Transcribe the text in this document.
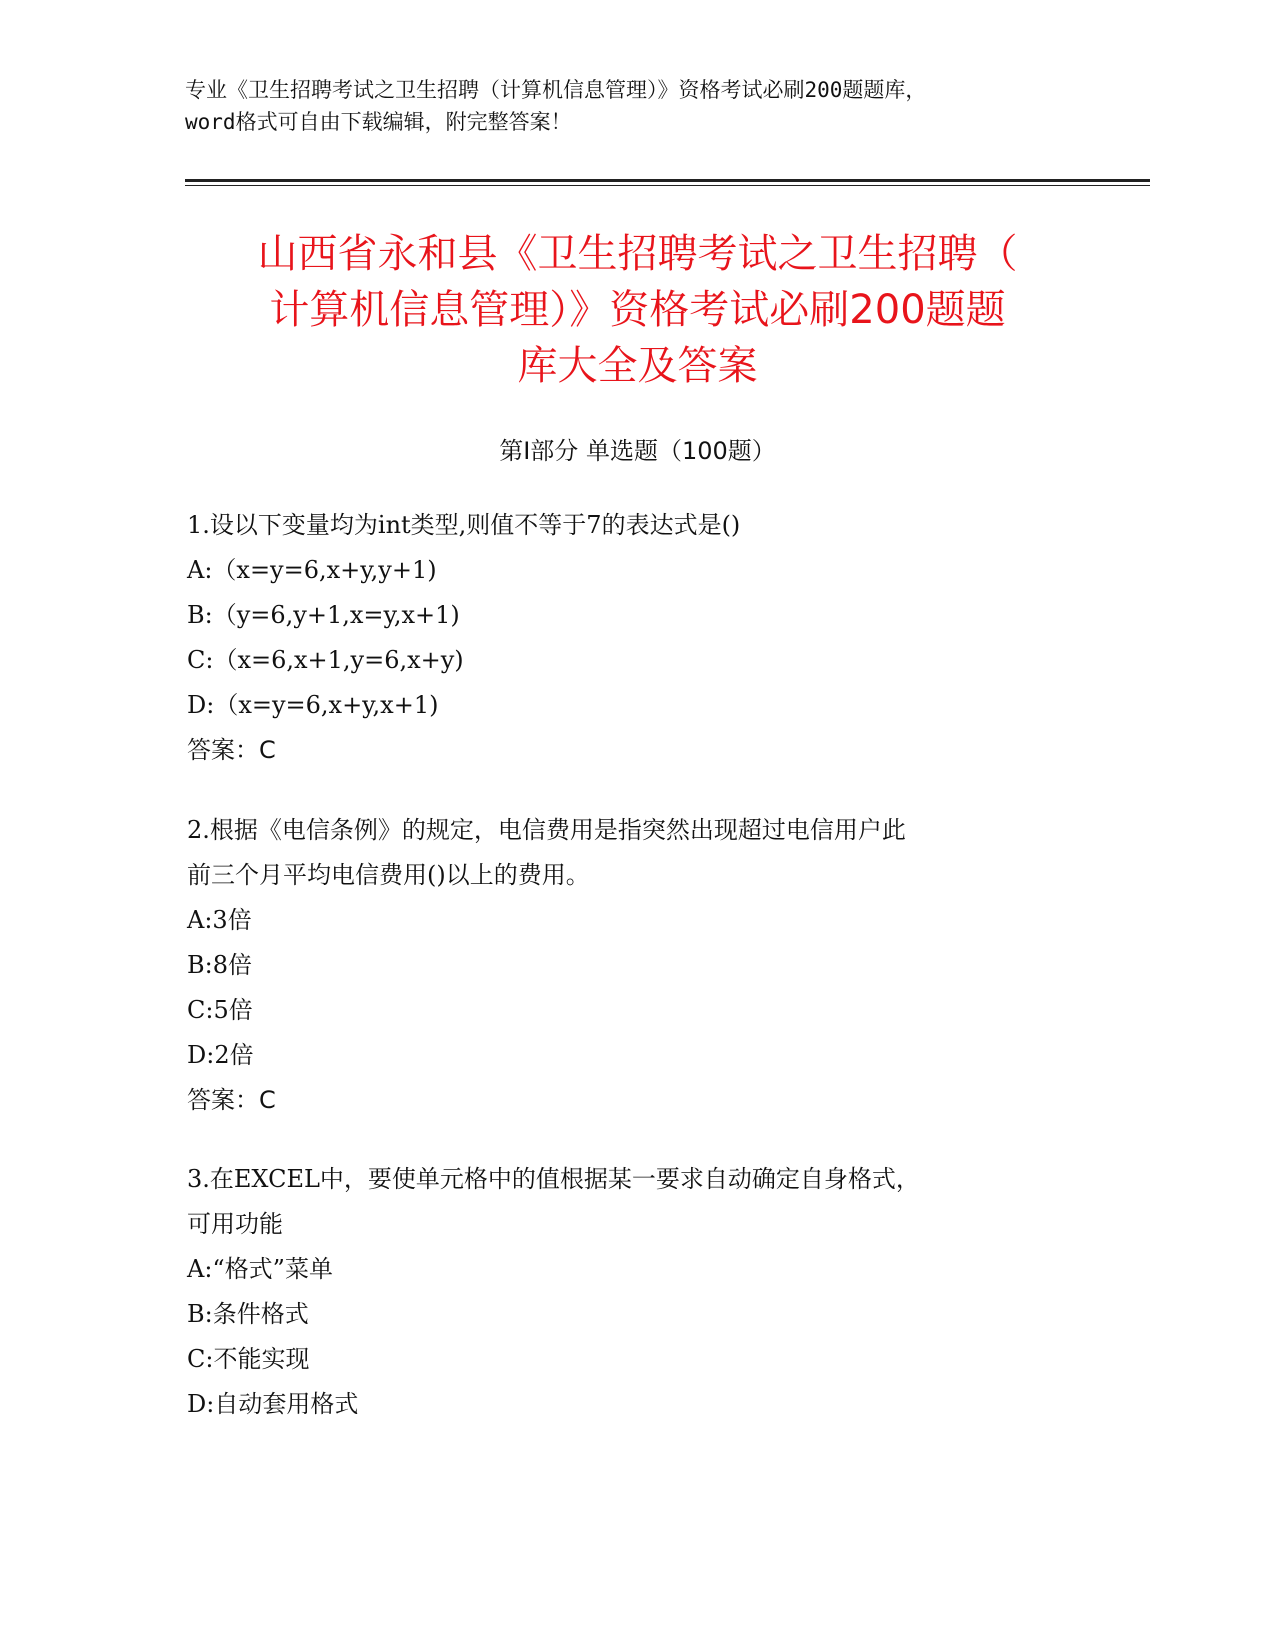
专业《卫生招聘考试之卫生招聘（计算机信息管理）》资格考试必刷200题题库，
word格式可自由下载编辑，附完整答案！
山西省永和县《卫生招聘考试之卫生招聘（
计算机信息管理）》资格考试必刷200题题
库大全及答案
第Ⅰ部分 单选题（100题）
1.设以下变量均为int类型,则值不等于7的表达式是()
A:（x=y=6,x+y,y+1)
B:（y=6,y+1,x=y,x+1)
C:（x=6,x+1,y=6,x+y)
D:（x=y=6,x+y,x+1)
答案：C
2.根据《电信条例》的规定，电信费用是指突然出现超过电信用户此
前三个月平均电信费用()以上的费用。
A:3倍
B:8倍
C:5倍
D:2倍
答案：C
3.在EXCEL中，要使单元格中的值根据某一要求自动确定自身格式，
可用功能
A:“格式”菜单
B:条件格式
C:不能实现
D:自动套用格式
